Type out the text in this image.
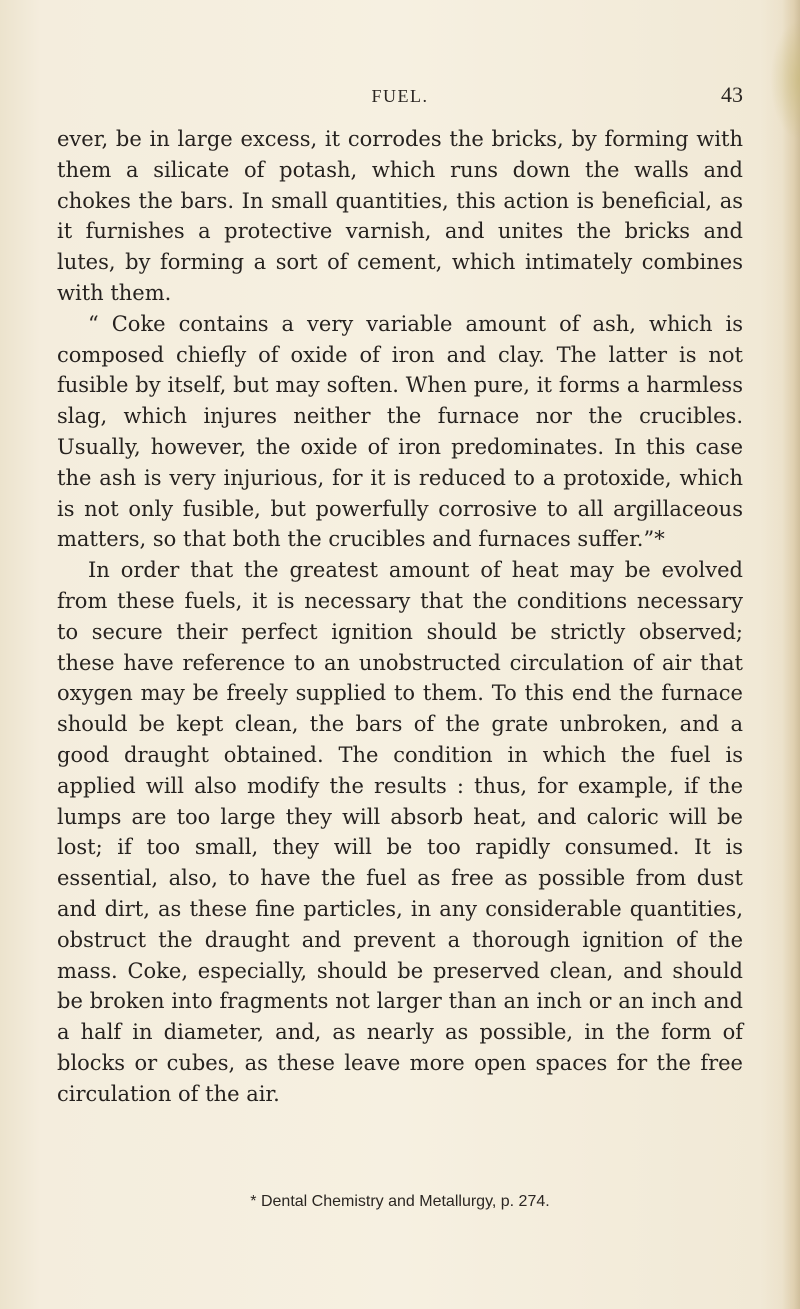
FUEL.	43

ever, be in large excess, it corrodes the bricks, by forming with them a silicate of potash, which runs down the walls and chokes the bars. In small quantities, this action is beneficial, as it furnishes a protective varnish, and unites the bricks and lutes, by forming a sort of cement, which intimately combines with them.

“ Coke contains a very variable amount of ash, which is composed chiefly of oxide of iron and clay. The latter is not fusible by itself, but may soften. When pure, it forms a harmless slag, which injures neither the furnace nor the crucibles. Usually, however, the oxide of iron predominates. In this case the ash is very injurious, for it is reduced to a protoxide, which is not only fusible, but powerfully corrosive to all argillaceous matters, so that both the crucibles and furnaces suffer.”*

In order that the greatest amount of heat may be evolved from these fuels, it is necessary that the conditions necessary to secure their perfect ignition should be strictly observed; these have reference to an unobstructed circulation of air that oxygen may be freely supplied to them. To this end the furnace should be kept clean, the bars of the grate unbroken, and a good draught obtained. The condition in which the fuel is applied will also modify the results : thus, for example, if the lumps are too large they will absorb heat, and caloric will be lost; if too small, they will be too rapidly consumed. It is essential, also, to have the fuel as free as possible from dust and dirt, as these fine particles, in any considerable quantities, obstruct the draught and prevent a thorough ignition of the mass. Coke, especially, should be preserved clean, and should be broken into fragments not larger than an inch or an inch and a half in diameter, and, as nearly as possible, in the form of blocks or cubes, as these leave more open spaces for the free circulation of the air.

* Dental Chemistry and Metallurgy, p. 274.
